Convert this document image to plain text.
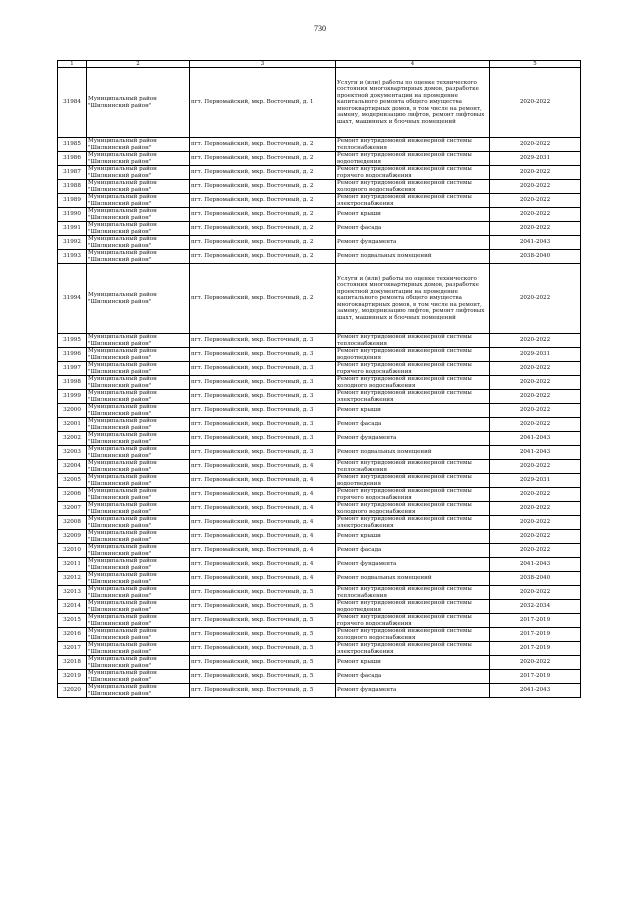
730
1	2	3	4	5
31984	Муниципальный район
"Шилкинский район"	пгт. Первомайский, мкр. Восточный, д. 1	Услуги и (или) работы по оценке технического состояния многоквартирных домов, разработке проектной документации на проведение капитального ремонта общего имущества многоквартирных домов, в том числе на ремонт, замену, модернизацию лифтов, ремонт лифтовых шахт, машинных и блочных помещений	2020-2022
31985	Муниципальный район
"Шилкинский район"	пгт. Первомайский, мкр. Восточный, д. 2	Ремонт внутридомовой инженерной системы теплоснабжения	2020-2022
31986	Муниципальный район
"Шилкинский район"	пгт. Первомайский, мкр. Восточный, д. 2	Ремонт внутридомовой инженерной системы водоотведения	2029-2031
31987	Муниципальный район
"Шилкинский район"	пгт. Первомайский, мкр. Восточный, д. 2	Ремонт внутридомовой инженерной системы горячего водоснабжения	2020-2022
31988	Муниципальный район
"Шилкинский район"	пгт. Первомайский, мкр. Восточный, д. 2	Ремонт внутридомовой инженерной системы холодного водоснабжения	2020-2022
31989	Муниципальный район
"Шилкинский район"	пгт. Первомайский, мкр. Восточный, д. 2	Ремонт внутридомовой инженерной системы электроснабжения	2020-2022
31990	Муниципальный район
"Шилкинский район"	пгт. Первомайский, мкр. Восточный, д. 2	Ремонт крыши	2020-2022
31991	Муниципальный район
"Шилкинский район"	пгт. Первомайский, мкр. Восточный, д. 2	Ремонт фасада	2020-2022
31992	Муниципальный район
"Шилкинский район"	пгт. Первомайский, мкр. Восточный, д. 2	Ремонт фундамента	2041-2043
31993	Муниципальный район
"Шилкинский район"	пгт. Первомайский, мкр. Восточный, д. 2	Ремонт подвальных помещений	2038-2040
31994	Муниципальный район
"Шилкинский район"	пгт. Первомайский, мкр. Восточный, д. 2	Услуги и (или) работы по оценке технического состояния многоквартирных домов, разработке проектной документации на проведение капитального ремонта общего имущества многоквартирных домов, в том числе на ремонт, замену, модернизацию лифтов, ремонт лифтовых шахт, машинных и блочных помещений	2020-2022
31995	Муниципальный район
"Шилкинский район"	пгт. Первомайский, мкр. Восточный, д. 3	Ремонт внутридомовой инженерной системы теплоснабжения	2020-2022
31996	Муниципальный район
"Шилкинский район"	пгт. Первомайский, мкр. Восточный, д. 3	Ремонт внутридомовой инженерной системы водоотведения	2029-2031
31997	Муниципальный район
"Шилкинский район"	пгт. Первомайский, мкр. Восточный, д. 3	Ремонт внутридомовой инженерной системы горячего водоснабжения	2020-2022
31998	Муниципальный район
"Шилкинский район"	пгт. Первомайский, мкр. Восточный, д. 3	Ремонт внутридомовой инженерной системы холодного водоснабжения	2020-2022
31999	Муниципальный район
"Шилкинский район"	пгт. Первомайский, мкр. Восточный, д. 3	Ремонт внутридомовой инженерной системы электроснабжения	2020-2022
32000	Муниципальный район
"Шилкинский район"	пгт. Первомайский, мкр. Восточный, д. 3	Ремонт крыши	2020-2022
32001	Муниципальный район
"Шилкинский район"	пгт. Первомайский, мкр. Восточный, д. 3	Ремонт фасада	2020-2022
32002	Муниципальный район
"Шилкинский район"	пгт. Первомайский, мкр. Восточный, д. 3	Ремонт фундамента	2041-2043
32003	Муниципальный район
"Шилкинский район"	пгт. Первомайский, мкр. Восточный, д. 3	Ремонт подвальных помещений	2041-2043
32004	Муниципальный район
"Шилкинский район"	пгт. Первомайский, мкр. Восточный, д. 4	Ремонт внутридомовой инженерной системы теплоснабжения	2020-2022
32005	Муниципальный район
"Шилкинский район"	пгт. Первомайский, мкр. Восточный, д. 4	Ремонт внутридомовой инженерной системы водоотведения	2029-2031
32006	Муниципальный район
"Шилкинский район"	пгт. Первомайский, мкр. Восточный, д. 4	Ремонт внутридомовой инженерной системы горячего водоснабжения	2020-2022
32007	Муниципальный район
"Шилкинский район"	пгт. Первомайский, мкр. Восточный, д. 4	Ремонт внутридомовой инженерной системы холодного водоснабжения	2020-2022
32008	Муниципальный район
"Шилкинский район"	пгт. Первомайский, мкр. Восточный, д. 4	Ремонт внутридомовой инженерной системы электроснабжения	2020-2022
32009	Муниципальный район
"Шилкинский район"	пгт. Первомайский, мкр. Восточный, д. 4	Ремонт крыши	2020-2022
32010	Муниципальный район
"Шилкинский район"	пгт. Первомайский, мкр. Восточный, д. 4	Ремонт фасада	2020-2022
32011	Муниципальный район
"Шилкинский район"	пгт. Первомайский, мкр. Восточный, д. 4	Ремонт фундамента	2041-2043
32012	Муниципальный район
"Шилкинский район"	пгт. Первомайский, мкр. Восточный, д. 4	Ремонт подвальных помещений	2038-2040
32013	Муниципальный район
"Шилкинский район"	пгт. Первомайский, мкр. Восточный, д. 5	Ремонт внутридомовой инженерной системы теплоснабжения	2020-2022
32014	Муниципальный район
"Шилкинский район"	пгт. Первомайский, мкр. Восточный, д. 5	Ремонт внутридомовой инженерной системы водоотведения	2032-2034
32015	Муниципальный район
"Шилкинский район"	пгт. Первомайский, мкр. Восточный, д. 5	Ремонт внутридомовой инженерной системы горячего водоснабжения	2017-2019
32016	Муниципальный район
"Шилкинский район"	пгт. Первомайский, мкр. Восточный, д. 5	Ремонт внутридомовой инженерной системы холодного водоснабжения	2017-2019
32017	Муниципальный район
"Шилкинский район"	пгт. Первомайский, мкр. Восточный, д. 5	Ремонт внутридомовой инженерной системы электроснабжения	2017-2019
32018	Муниципальный район
"Шилкинский район"	пгт. Первомайский, мкр. Восточный, д. 5	Ремонт крыши	2020-2022
32019	Муниципальный район
"Шилкинский район"	пгт. Первомайский, мкр. Восточный, д. 5	Ремонт фасада	2017-2019
32020	Муниципальный район
"Шилкинский район"	пгт. Первомайский, мкр. Восточный, д. 5	Ремонт фундамента	2041-2043
